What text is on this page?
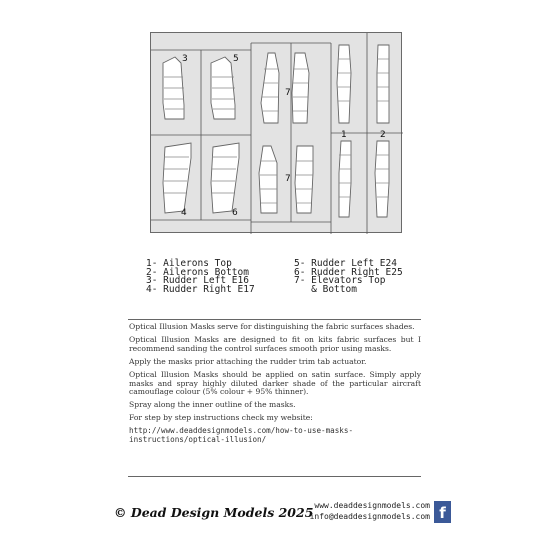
3	5
7
4	6
7
1	2
1- Ailerons Top
2- Ailerons Bottom
3- Rudder Left E16
4- Rudder Right E17
5- Rudder Left E24
6- Rudder Right E25
7- Elevators Top
& Bottom

Optical Illusion Masks serve for distinguishing the fabric surfaces shades.

Optical Illusion Masks are designed to fit on kits fabric surfaces but I recommend sanding the control surfaces smooth prior using masks.

Apply the masks prior attaching the rudder trim tab actuator.

Optical Illusion Masks should be applied on satin surface. Simply apply masks and spray highly diluted darker shade of the particular aircraft camouflage colour (5% colour + 95% thinner).

Spray along the inner outline of the masks.

For step by step instructions check my website:

http://www.deaddesignmodels.com/how-to-use-masks-
instructions/optical-illusion/
© Dead Design Models 2025 www.deaddesignmodels.com
info@deaddesignmodels.com f
